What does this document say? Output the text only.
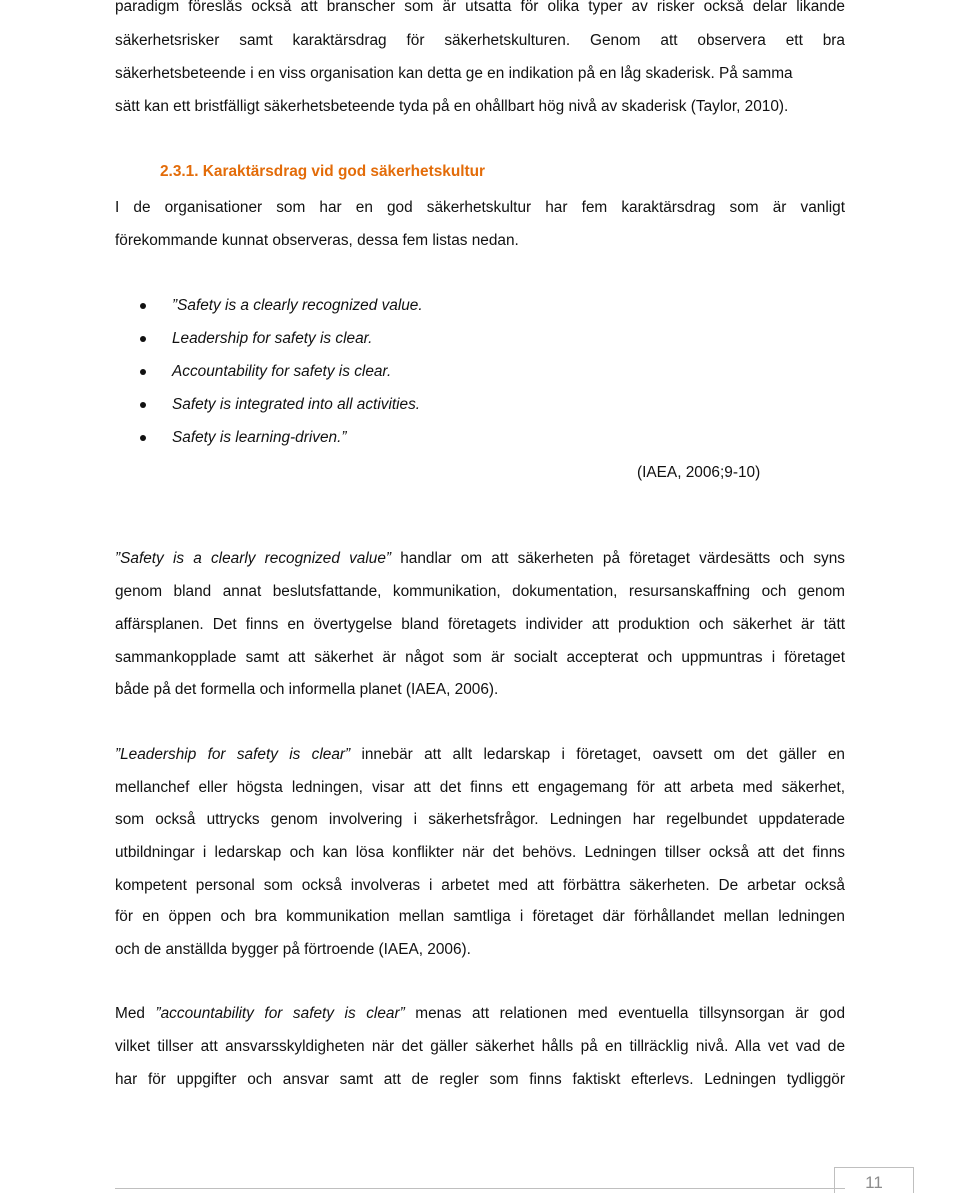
paradigm föreslås också att branscher som är utsatta för olika typer av risker också delar likande
säkerhetsrisker samt karaktärsdrag för säkerhetskulturen. Genom att observera ett bra
säkerhetsbeteende i en viss organisation kan detta ge en indikation på en låg skaderisk. På samma
sätt kan ett bristfälligt säkerhetsbeteende tyda på en ohållbart hög nivå av skaderisk (Taylor, 2010).
2.3.1. Karaktärsdrag vid god säkerhetskultur
I de organisationer som har en god säkerhetskultur har fem karaktärsdrag som är vanligt
förekommande kunnat observeras, dessa fem listas nedan.
”Safety is a clearly recognized value.
Leadership for safety is clear.
Accountability for safety is clear.
Safety is integrated into all activities.
Safety is learning-driven.”
(IAEA, 2006;9-10)
”Safety is a clearly recognized value” handlar om att säkerheten på företaget värdesätts och syns
genom bland annat beslutsfattande, kommunikation, dokumentation, resursanskaffning och genom
affärsplanen. Det finns en övertygelse bland företagets individer att produktion och säkerhet är tätt
sammankopplade samt att säkerhet är något som är socialt accepterat och uppmuntras i företaget
både på det formella och informella planet (IAEA, 2006).
”Leadership for safety is clear” innebär att allt ledarskap i företaget, oavsett om det gäller en
mellanchef eller högsta ledningen, visar att det finns ett engagemang för att arbeta med säkerhet,
som också uttrycks genom involvering i säkerhetsfrågor. Ledningen har regelbundet uppdaterade
utbildningar i ledarskap och kan lösa konflikter när det behövs. Ledningen tillser också att det finns
kompetent personal som också involveras i arbetet med att förbättra säkerheten. De arbetar också
för en öppen och bra kommunikation mellan samtliga i företaget där förhållandet mellan ledningen
och de anställda bygger på förtroende (IAEA, 2006).
Med ”accountability for safety is clear” menas att relationen med eventuella tillsynsorgan är god
vilket tillser att ansvarsskyldigheten när det gäller säkerhet hålls på en tillräcklig nivå. Alla vet vad de
har för uppgifter och ansvar samt att de regler som finns faktiskt efterlevs. Ledningen tydliggör
11
